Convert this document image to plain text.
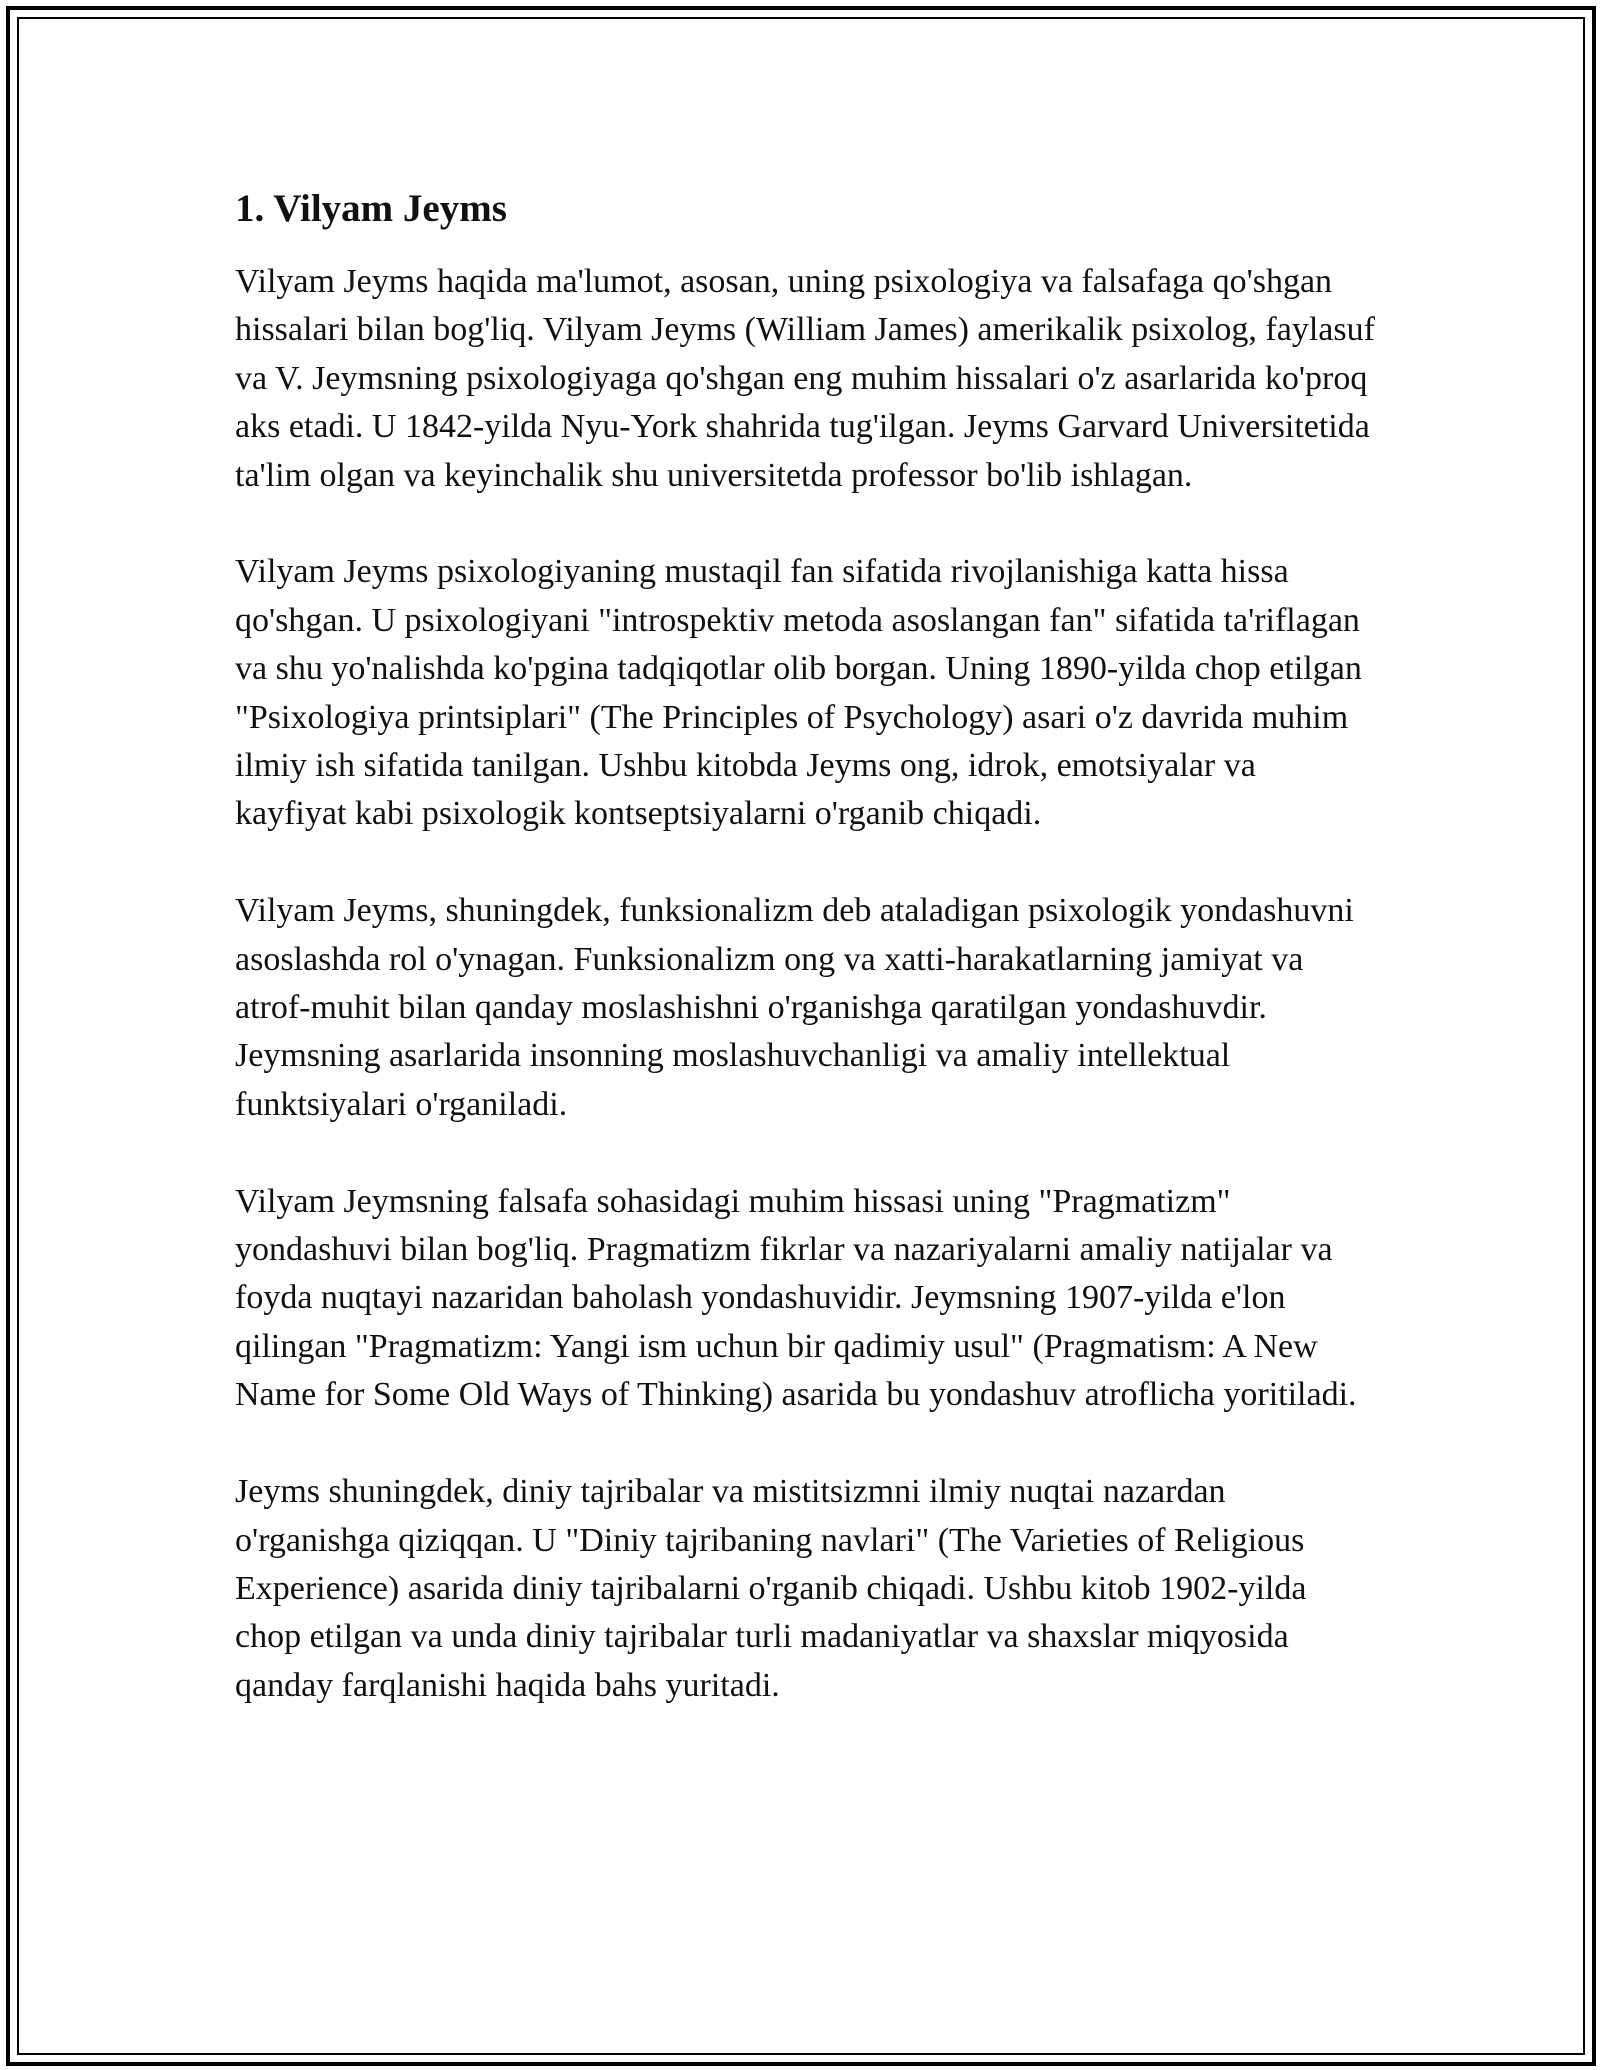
1. Vilyam Jeyms

Vilyam Jeyms haqida ma'lumot, asosan, uning psixologiya va falsafaga qo'shgan hissalari bilan bog'liq. Vilyam Jeyms (William James) amerikalik psixolog, faylasuf va V. Jeymsning psixologiyaga qo'shgan eng muhim hissalari o'z asarlarida ko'proq aks etadi. U 1842-yilda Nyu-York shahrida tug'ilgan. Jeyms Garvard Universitetida ta'lim olgan va keyinchalik shu universitetda professor bo'lib ishlagan.

Vilyam Jeyms psixologiyaning mustaqil fan sifatida rivojlanishiga katta hissa qo'shgan. U psixologiyani "introspektiv metoda asoslangan fan" sifatida ta'riflagan va shu yo'nalishda ko'pgina tadqiqotlar olib borgan. Uning 1890-yilda chop etilgan "Psixologiya printsiplari" (The Principles of Psychology) asari o'z davrida muhim ilmiy ish sifatida tanilgan. Ushbu kitobda Jeyms ong, idrok, emotsiyalar va kayfiyat kabi psixologik kontseptsiyalarni o'rganib chiqadi.

Vilyam Jeyms, shuningdek, funksionalizm deb ataladigan psixologik yondashuvni asoslashda rol o'ynagan. Funksionalizm ong va xatti-harakatlarning jamiyat va atrof-muhit bilan qanday moslashishni o'rganishga qaratilgan yondashuvdir. Jeymsning asarlarida insonning moslashuvchanligi va amaliy intellektual funktsiyalari o'rganiladi.

Vilyam Jeymsning falsafa sohasidagi muhim hissasi uning "Pragmatizm" yondashuvi bilan bog'liq. Pragmatizm fikrlar va nazariyalarni amaliy natijalar va foyda nuqtayi nazaridan baholash yondashuvidir. Jeymsning 1907-yilda e'lon qilingan "Pragmatizm: Yangi ism uchun bir qadimiy usul" (Pragmatism: A New Name for Some Old Ways of Thinking) asarida bu yondashuv atroflicha yoritiladi.

Jeyms shuningdek, diniy tajribalar va mistitsizmni ilmiy nuqtai nazardan o'rganishga qiziqqan. U "Diniy tajribaning navlari" (The Varieties of Religious Experience) asarida diniy tajribalarni o'rganib chiqadi. Ushbu kitob 1902-yilda chop etilgan va unda diniy tajribalar turli madaniyatlar va shaxslar miqyosida qanday farqlanishi haqida bahs yuritadi.
